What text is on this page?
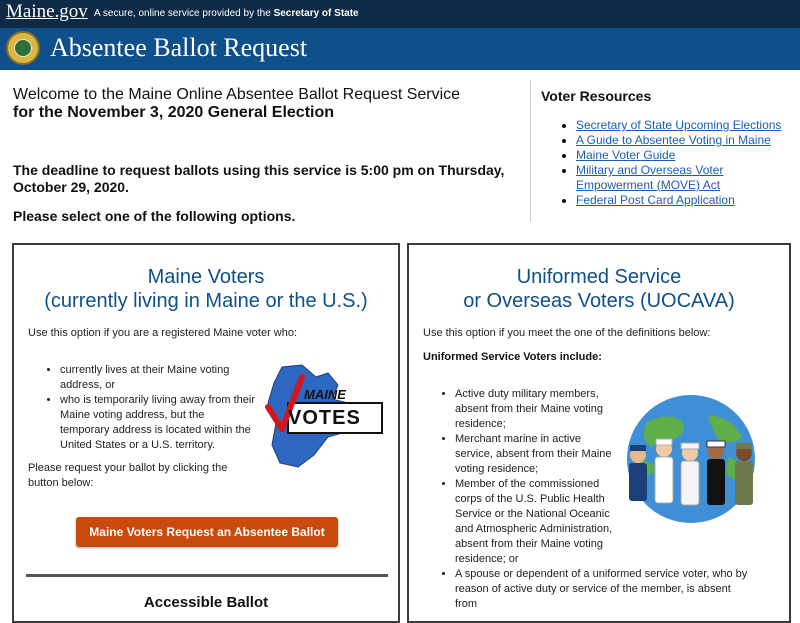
Maine.gov A secure, online service provided by the Secretary of State
Absentee Ballot Request
Welcome to the Maine Online Absentee Ballot Request Service
for the November 3, 2020 General Election
The deadline to request ballots using this service is 5:00 pm on Thursday, October 29, 2020.
Please select one of the following options.
Voter Resources
• Secretary of State Upcoming Elections
• A Guide to Absentee Voting in Maine
• Maine Voter Guide
• Military and Overseas Voter Empowerment (MOVE) Act
• Federal Post Card Application
Maine Voters
(currently living in Maine or the U.S.)
Use this option if you are a registered Maine voter who:
• currently lives at their Maine voting address, or
• who is temporarily living away from their Maine voting address, but the temporary address is located within the United States or a U.S. territory.
Please request your ballot by clicking the button below:
MAINE
VOTES
Maine Voters Request an Absentee Ballot
Accessible Ballot
Uniformed Service
or Overseas Voters (UOCAVA)
Use this option if you meet the one of the definitions below:
Uniformed Service Voters include:
• Active duty military members, absent from their Maine voting residence;
• Merchant marine in active service, absent from their Maine voting residence;
• Member of the commissioned corps of the U.S. Public Health Service or the National Oceanic and Atmospheric Administration, absent from their Maine voting residence; or
• A spouse or dependent of a uniformed service voter, who by reason of active duty or service of the member, is absent from
